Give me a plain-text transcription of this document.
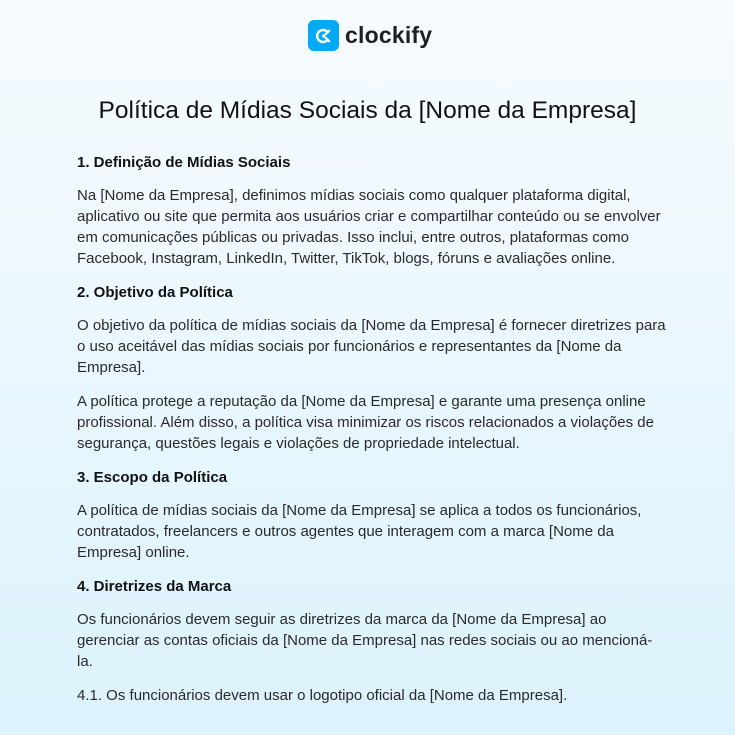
clockify
Política de Mídias Sociais da [Nome da Empresa]
1. Definição de Mídias Sociais

Na [Nome da Empresa], definimos mídias sociais como qualquer plataforma digital, aplicativo ou site que permita aos usuários criar e compartilhar conteúdo ou se envolver em comunicações públicas ou privadas. Isso inclui, entre outros, plataformas como Facebook, Instagram, LinkedIn, Twitter, TikTok, blogs, fóruns e avaliações online.

2. Objetivo da Política

O objetivo da política de mídias sociais da [Nome da Empresa] é fornecer diretrizes para o uso aceitável das mídias sociais por funcionários e representantes da [Nome da Empresa].

A política protege a reputação da [Nome da Empresa] e garante uma presença online profissional. Além disso, a política visa minimizar os riscos relacionados a violações de segurança, questões legais e violações de propriedade intelectual.

3. Escopo da Política

A política de mídias sociais da [Nome da Empresa] se aplica a todos os funcionários, contratados, freelancers e outros agentes que interagem com a marca [Nome da Empresa] online.

4. Diretrizes da Marca

Os funcionários devem seguir as diretrizes da marca da [Nome da Empresa] ao gerenciar as contas oficiais da [Nome da Empresa] nas redes sociais ou ao mencioná-la.

4.1. Os funcionários devem usar o logotipo oficial da [Nome da Empresa].
